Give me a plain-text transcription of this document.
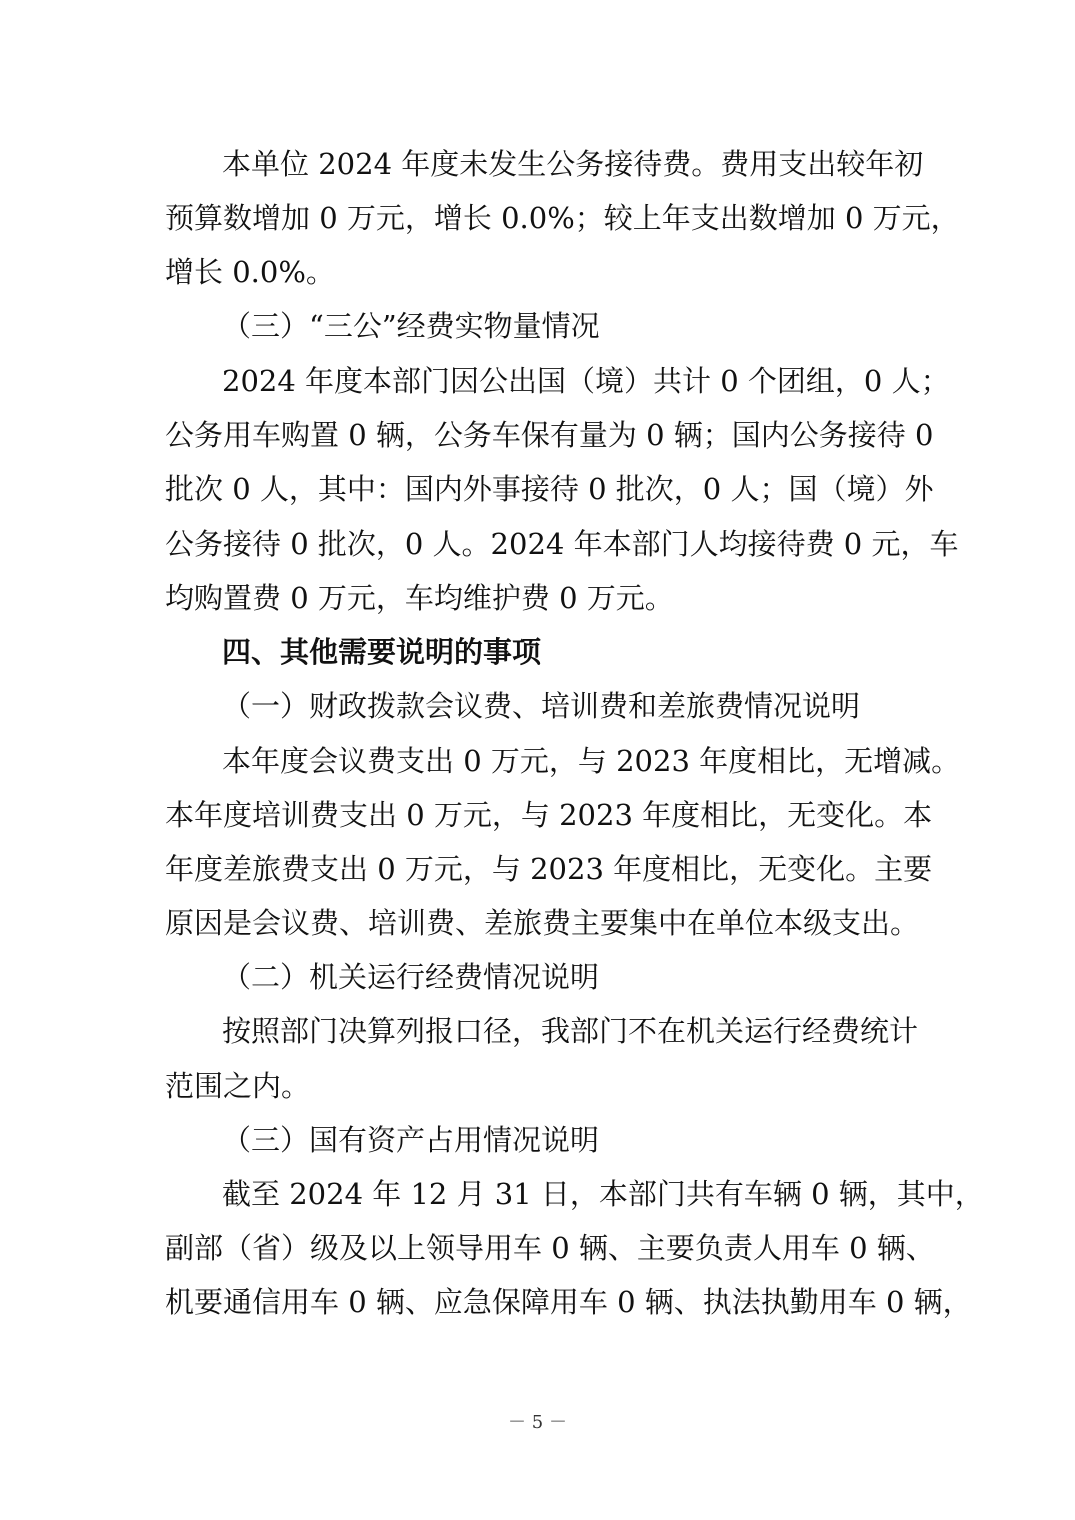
本单位 2024 年度未发生公务接待费。费用支出较年初
预算数增加 0 万元，增长 0.0%；较上年支出数增加 0 万元，
增长 0.0%。
（三）“三公”经费实物量情况
2024 年度本部门因公出国（境）共计 0 个团组，0 人；
公务用车购置 0 辆，公务车保有量为 0 辆；国内公务接待 0
批次 0 人，其中：国内外事接待 0 批次，0 人；国（境）外
公务接待 0 批次，0 人。2024 年本部门人均接待费 0 元，车
均购置费 0 万元，车均维护费 0 万元。
四、其他需要说明的事项
（一）财政拨款会议费、培训费和差旅费情况说明
本年度会议费支出 0 万元，与 2023 年度相比，无增减。
本年度培训费支出 0 万元，与 2023 年度相比，无变化。本
年度差旅费支出 0 万元，与 2023 年度相比，无变化。主要
原因是会议费、培训费、差旅费主要集中在单位本级支出。
（二）机关运行经费情况说明
按照部门决算列报口径，我部门不在机关运行经费统计
范围之内。
（三）国有资产占用情况说明
截至 2024 年 12 月 31 日，本部门共有车辆 0 辆，其中，
副部（省）级及以上领导用车 0 辆、主要负责人用车 0 辆、
机要通信用车 0 辆、应急保障用车 0 辆、执法执勤用车 0 辆，
－ 5 －
